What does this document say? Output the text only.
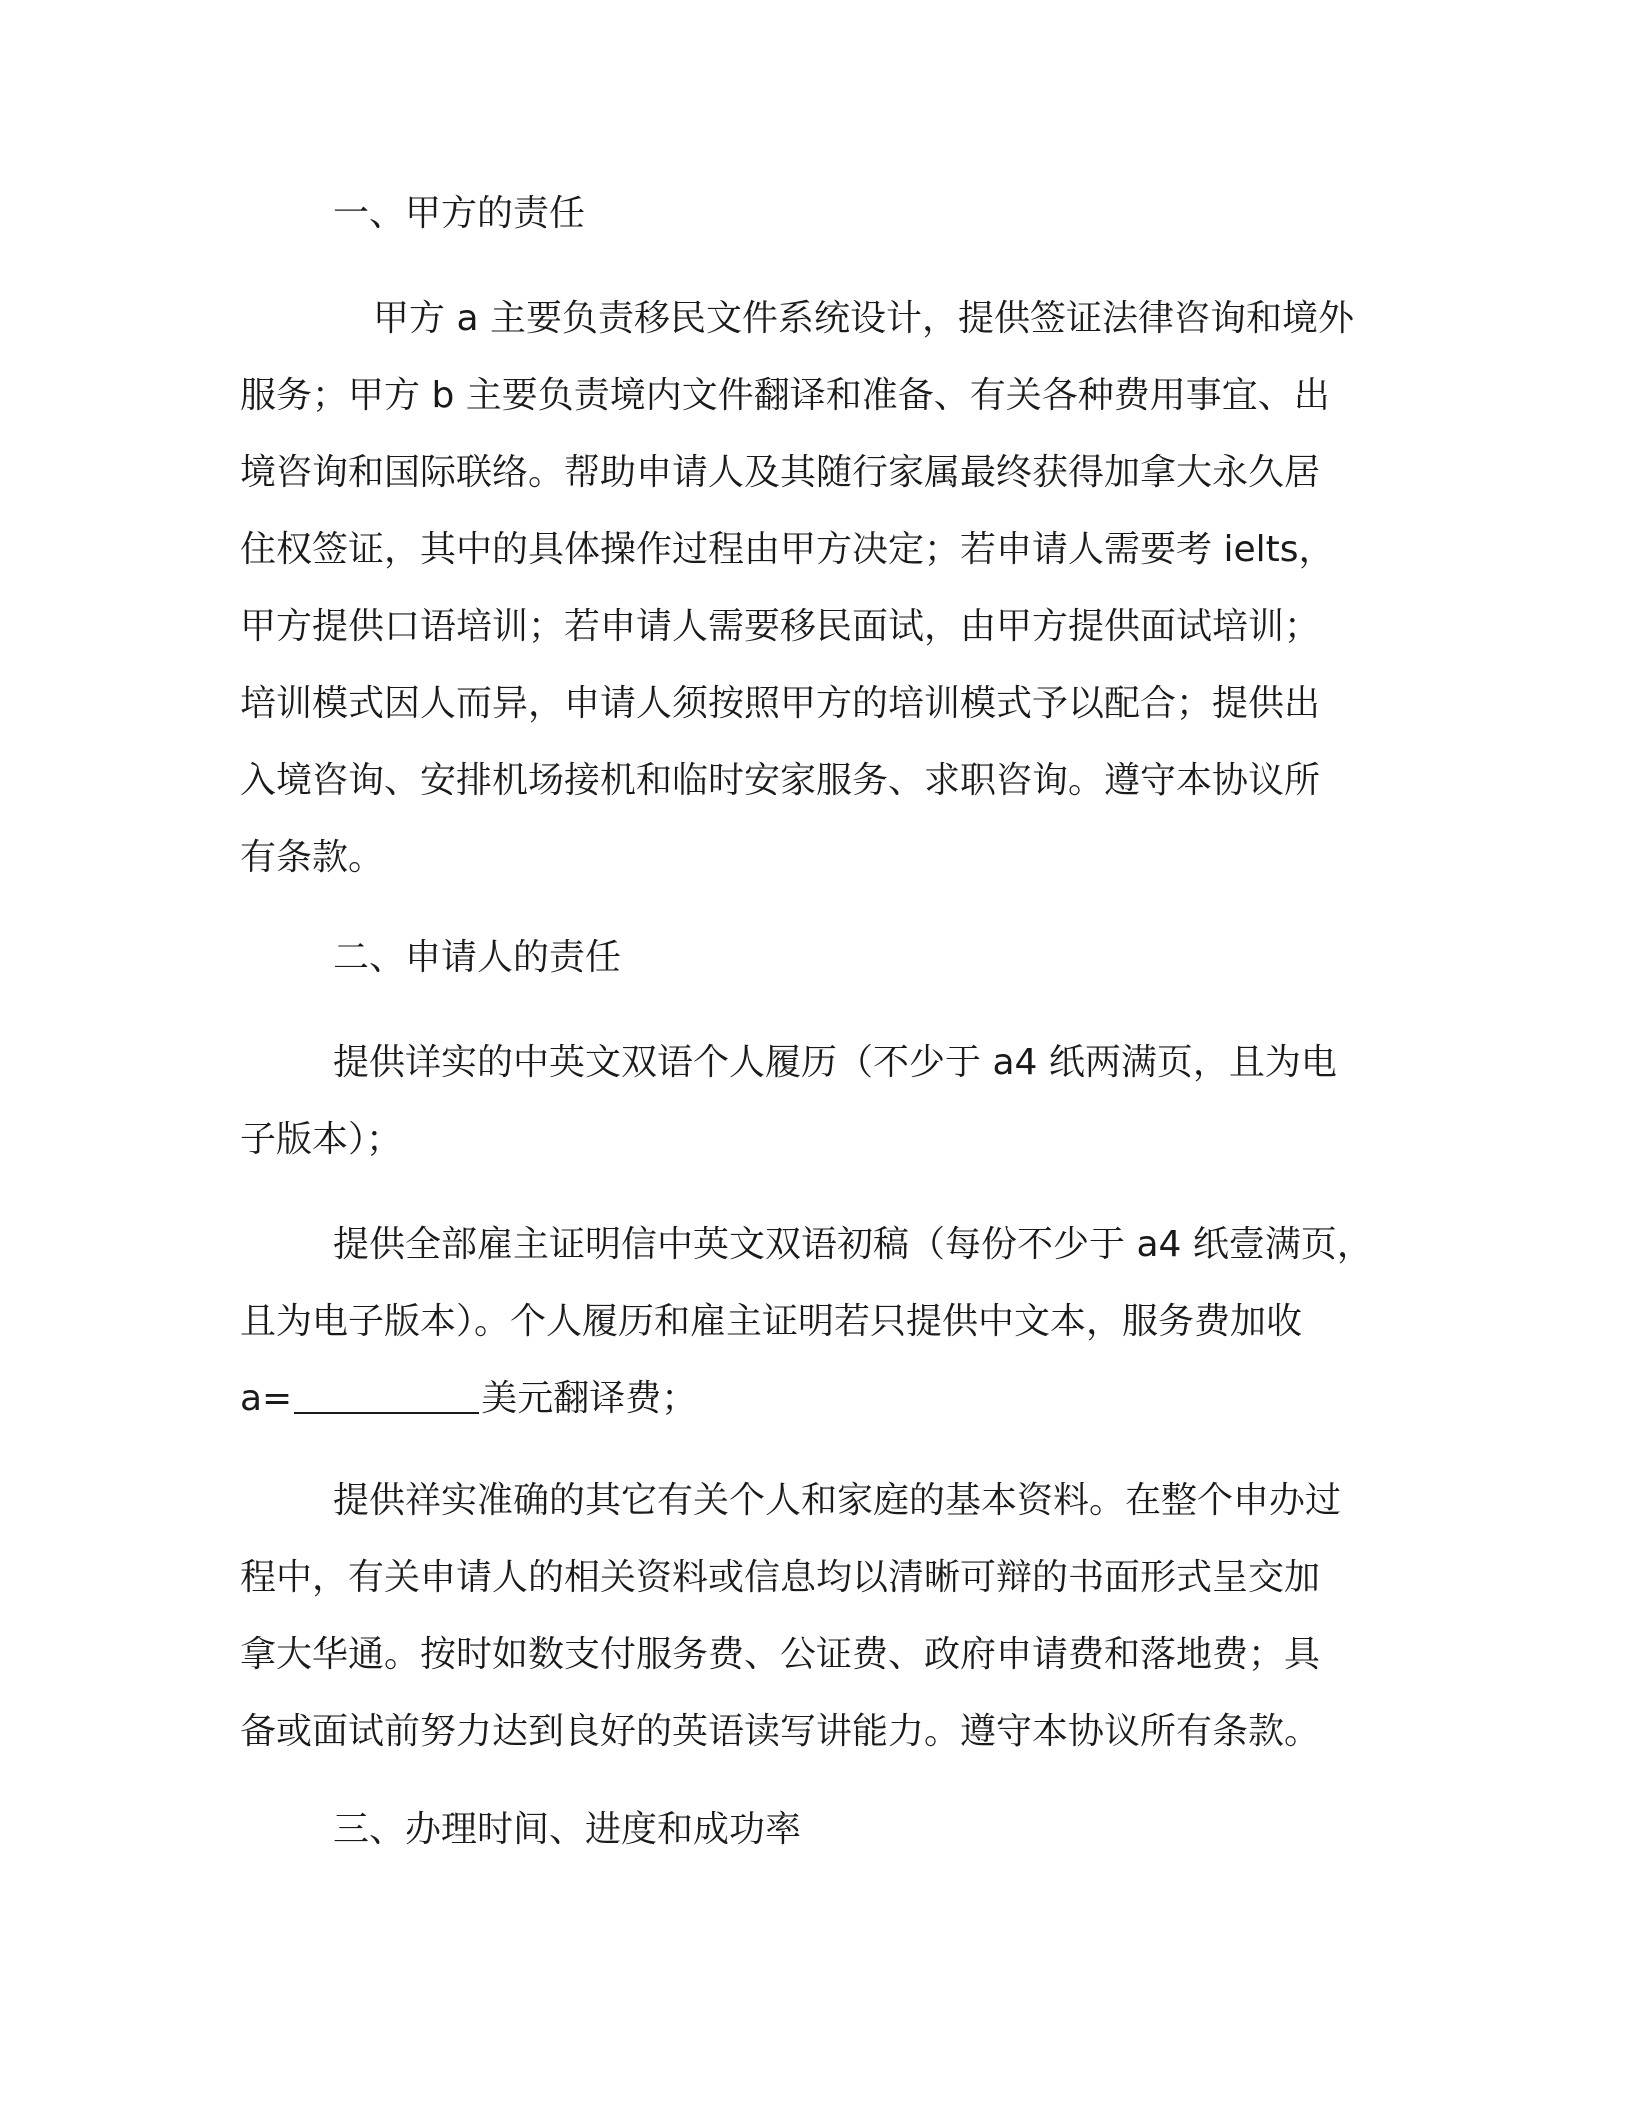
一、甲方的责任

甲方 a 主要负责移民文件系统设计，提供签证法律咨询和境外
服务；甲方 b 主要负责境内文件翻译和准备、有关各种费用事宜、出
境咨询和国际联络。帮助申请人及其随行家属最终获得加拿大永久居
住权签证，其中的具体操作过程由甲方决定；若申请人需要考 ielts，
甲方提供口语培训；若申请人需要移民面试，由甲方提供面试培训；
培训模式因人而异，申请人须按照甲方的培训模式予以配合；提供出
入境咨询、安排机场接机和临时安家服务、求职咨询。遵守本协议所
有条款。

二、申请人的责任

提供详实的中英文双语个人履历（不少于 a4 纸两满页，且为电
子版本）；

提供全部雇主证明信中英文双语初稿（每份不少于 a4 纸壹满页，
且为电子版本）。个人履历和雇主证明若只提供中文本，服务费加收
a=	美元翻译费；

提供祥实准确的其它有关个人和家庭的基本资料。在整个申办过
程中，有关申请人的相关资料或信息均以清晰可辩的书面形式呈交加
拿大华通。按时如数支付服务费、公证费、政府申请费和落地费；具
备或面试前努力达到良好的英语读写讲能力。遵守本协议所有条款。

三、办理时间、进度和成功率
